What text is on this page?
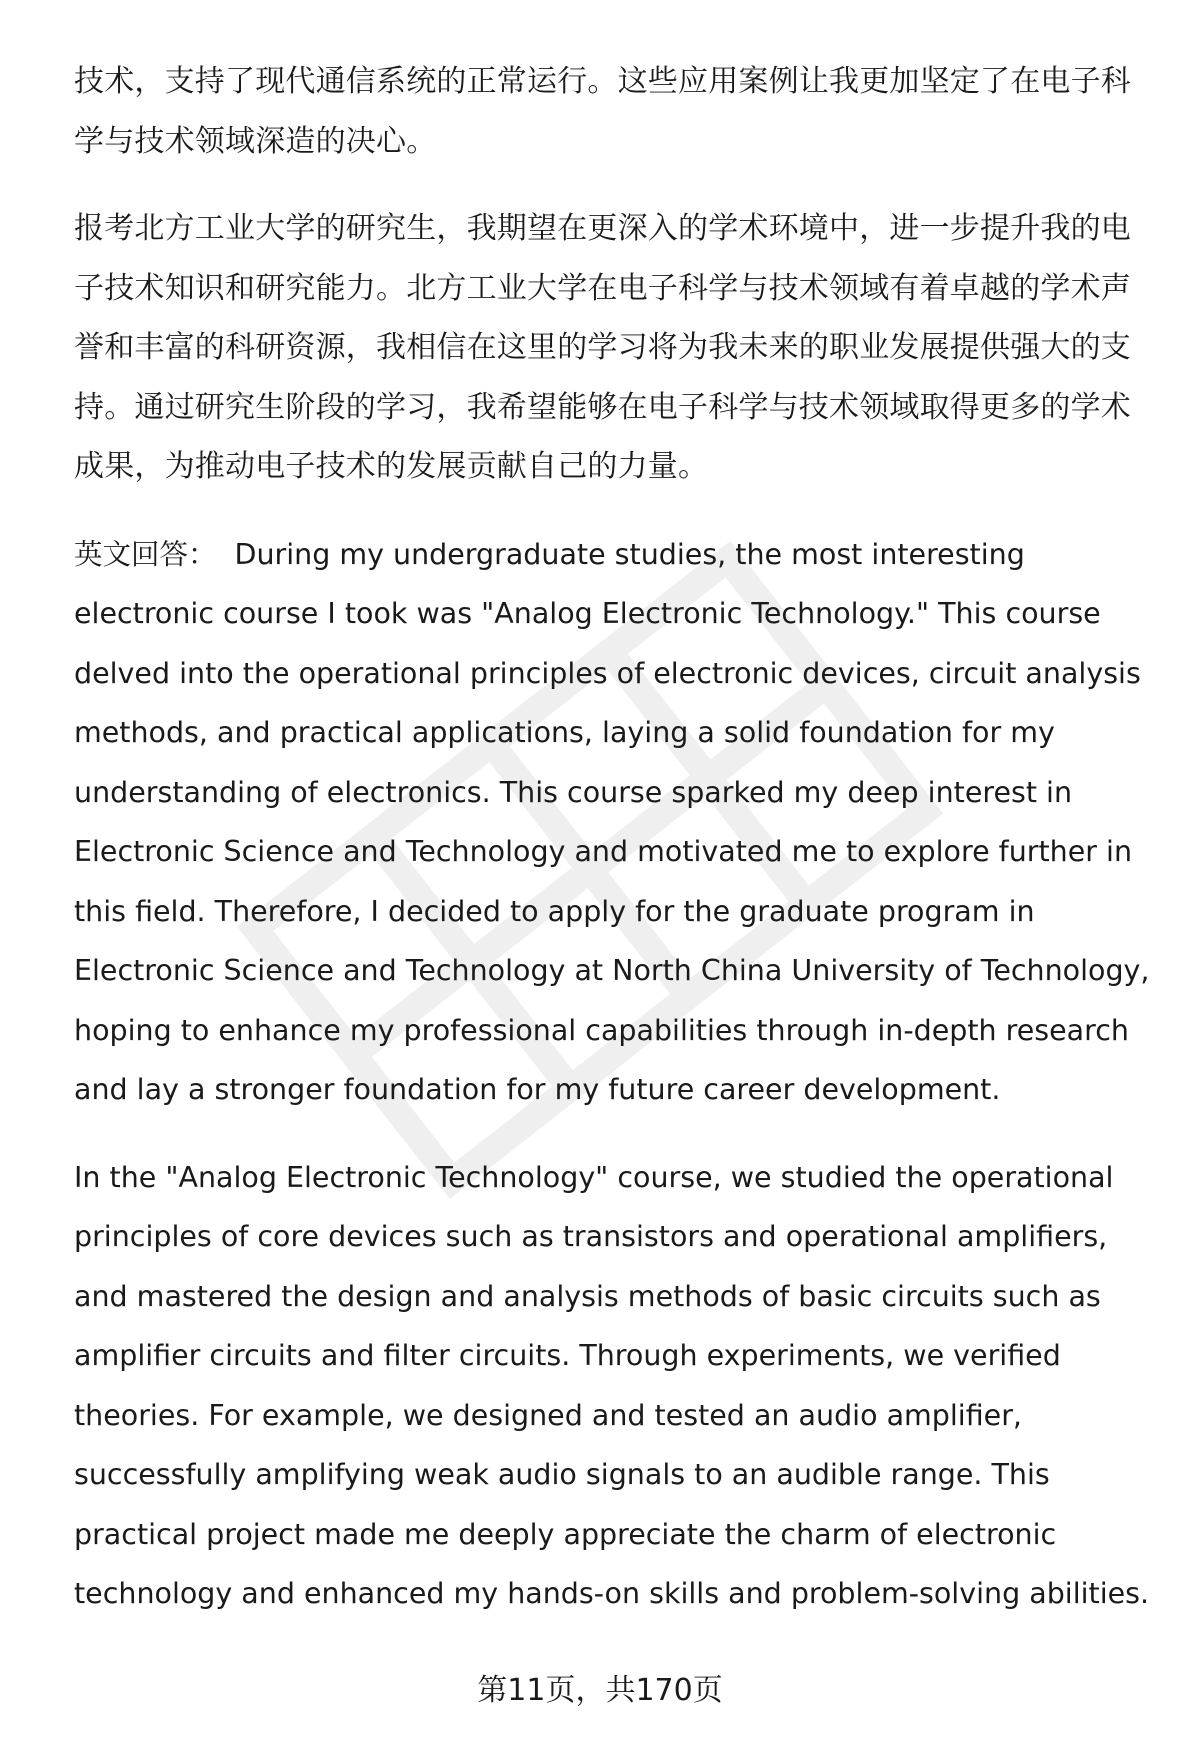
技术，支持了现代通信系统的正常运行。这些应用案例让我更加坚定了在电子科学与技术领域深造的决心。

报考北方工业大学的研究生，我期望在更深入的学术环境中，进一步提升我的电子技术知识和研究能力。北方工业大学在电子科学与技术领域有着卓越的学术声誉和丰富的科研资源，我相信在这里的学习将为我未来的职业发展提供强大的支持。通过研究生阶段的学习，我希望能够在电子科学与技术领域取得更多的学术成果，为推动电子技术的发展贡献自己的力量。

英文回答： During my undergraduate studies, the most interesting electronic course I took was "Analog Electronic Technology." This course delved into the operational principles of electronic devices, circuit analysis methods, and practical applications, laying a solid foundation for my understanding of electronics. This course sparked my deep interest in Electronic Science and Technology and motivated me to explore further in this field. Therefore, I decided to apply for the graduate program in Electronic Science and Technology at North China University of Technology, hoping to enhance my professional capabilities through in-depth research and lay a stronger foundation for my future career development.

In the "Analog Electronic Technology" course, we studied the operational principles of core devices such as transistors and operational amplifiers, and mastered the design and analysis methods of basic circuits such as amplifier circuits and filter circuits. Through experiments, we verified theories. For example, we designed and tested an audio amplifier, successfully amplifying weak audio signals to an audible range. This practical project made me deeply appreciate the charm of electronic technology and enhanced my hands-on skills and problem-solving abilities.

第11页，共170页
